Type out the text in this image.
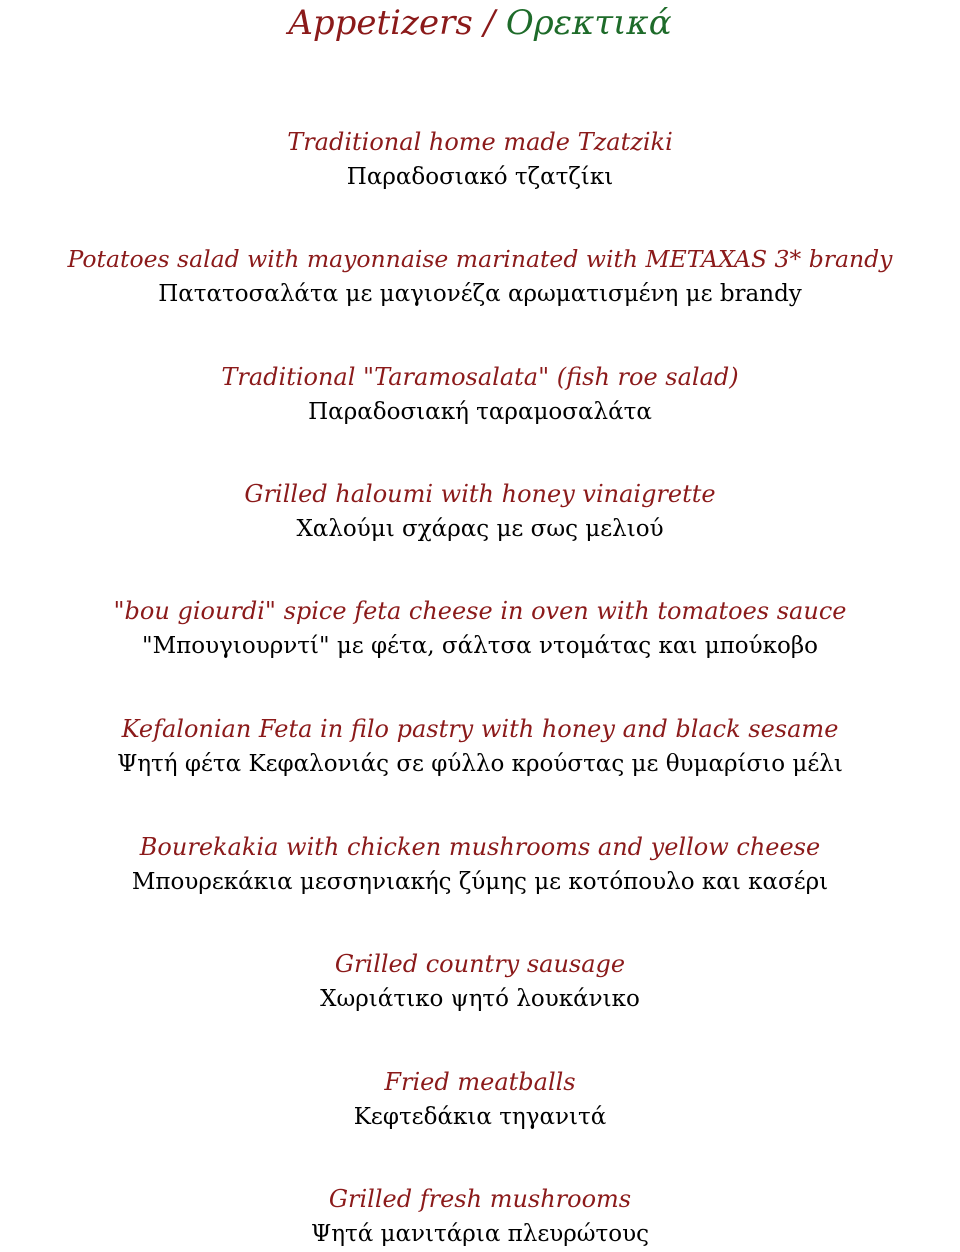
Appetizers / Ορεκτικά
Traditional home made Tzatziki
Παραδοσιακό τζατζίκι
Potatoes salad with mayonnaise marinated with METAXAS 3* brandy
Πατατοσαλάτα με μαγιονέζα αρωματισμένη με brandy
Traditional "Taramosalata" (fish roe salad)
Παραδοσιακή ταραμοσαλάτα
Grilled haloumi with honey vinaigrette
Χαλούμι σχάρας με σως μελιού
"bou giourdi" spice feta cheese in oven with tomatoes sauce
"Μπουγιουρντί" με φέτα, σάλτσα ντομάτας και μπούκοβο
Kefalonian Feta in filo pastry with honey and black sesame
Ψητή φέτα Κεφαλονιάς σε φύλλο κρούστας με θυμαρίσιο μέλι
Bourekakia with chicken mushrooms and yellow cheese
Μπουρεκάκια μεσσηνιακής ζύμης με κοτόπουλο και κασέρι
Grilled country sausage
Χωριάτικο ψητό λουκάνικο
Fried meatballs
Κεφτεδάκια τηγανιτά
Grilled fresh mushrooms
Ψητά μανιτάρια πλευρώτους
